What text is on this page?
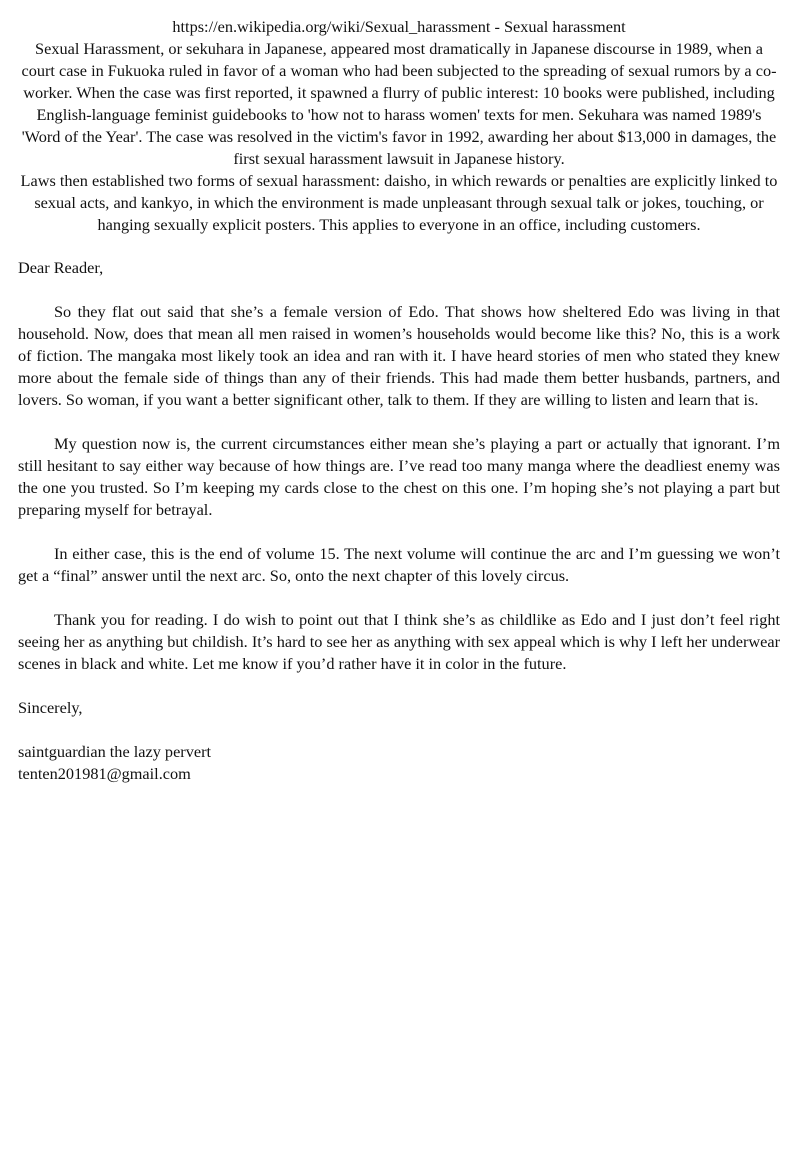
https://en.wikipedia.org/wiki/Sexual_harassment - Sexual harassment

Sexual Harassment, or sekuhara in Japanese, appeared most dramatically in Japanese discourse in 1989, when a court case in Fukuoka ruled in favor of a woman who had been subjected to the spreading of sexual rumors by a co-worker. When the case was first reported, it spawned a flurry of public interest: 10 books were published, including English-language feminist guidebooks to 'how not to harass women' texts for men. Sekuhara was named 1989's 'Word of the Year'. The case was resolved in the victim's favor in 1992, awarding her about $13,000 in damages, the first sexual harassment lawsuit in Japanese history.

Laws then established two forms of sexual harassment: daisho, in which rewards or penalties are explicitly linked to sexual acts, and kankyo, in which the environment is made unpleasant through sexual talk or jokes, touching, or hanging sexually explicit posters. This applies to everyone in an office, including customers.

Dear Reader,

So they flat out said that she’s a female version of Edo. That shows how sheltered Edo was living in that household. Now, does that mean all men raised in women’s households would become like this? No, this is a work of fiction. The mangaka most likely took an idea and ran with it. I have heard stories of men who stated they knew more about the female side of things than any of their friends. This had made them better husbands, partners, and lovers. So woman, if you want a better significant other, talk to them. If they are willing to listen and learn that is.

My question now is, the current circumstances either mean she’s playing a part or actually that ignorant. I’m still hesitant to say either way because of how things are. I’ve read too many manga where the deadliest enemy was the one you trusted. So I’m keeping my cards close to the chest on this one. I’m hoping she’s not playing a part but preparing myself for betrayal.

In either case, this is the end of volume 15. The next volume will continue the arc and I’m guessing we won’t get a “final” answer until the next arc. So, onto the next chapter of this lovely circus.

Thank you for reading. I do wish to point out that I think she’s as childlike as Edo and I just don’t feel right seeing her as anything but childish. It’s hard to see her as anything with sex appeal which is why I left her underwear scenes in black and white. Let me know if you’d rather have it in color in the future.

Sincerely,

saintguardian the lazy pervert

tenten201981@gmail.com
